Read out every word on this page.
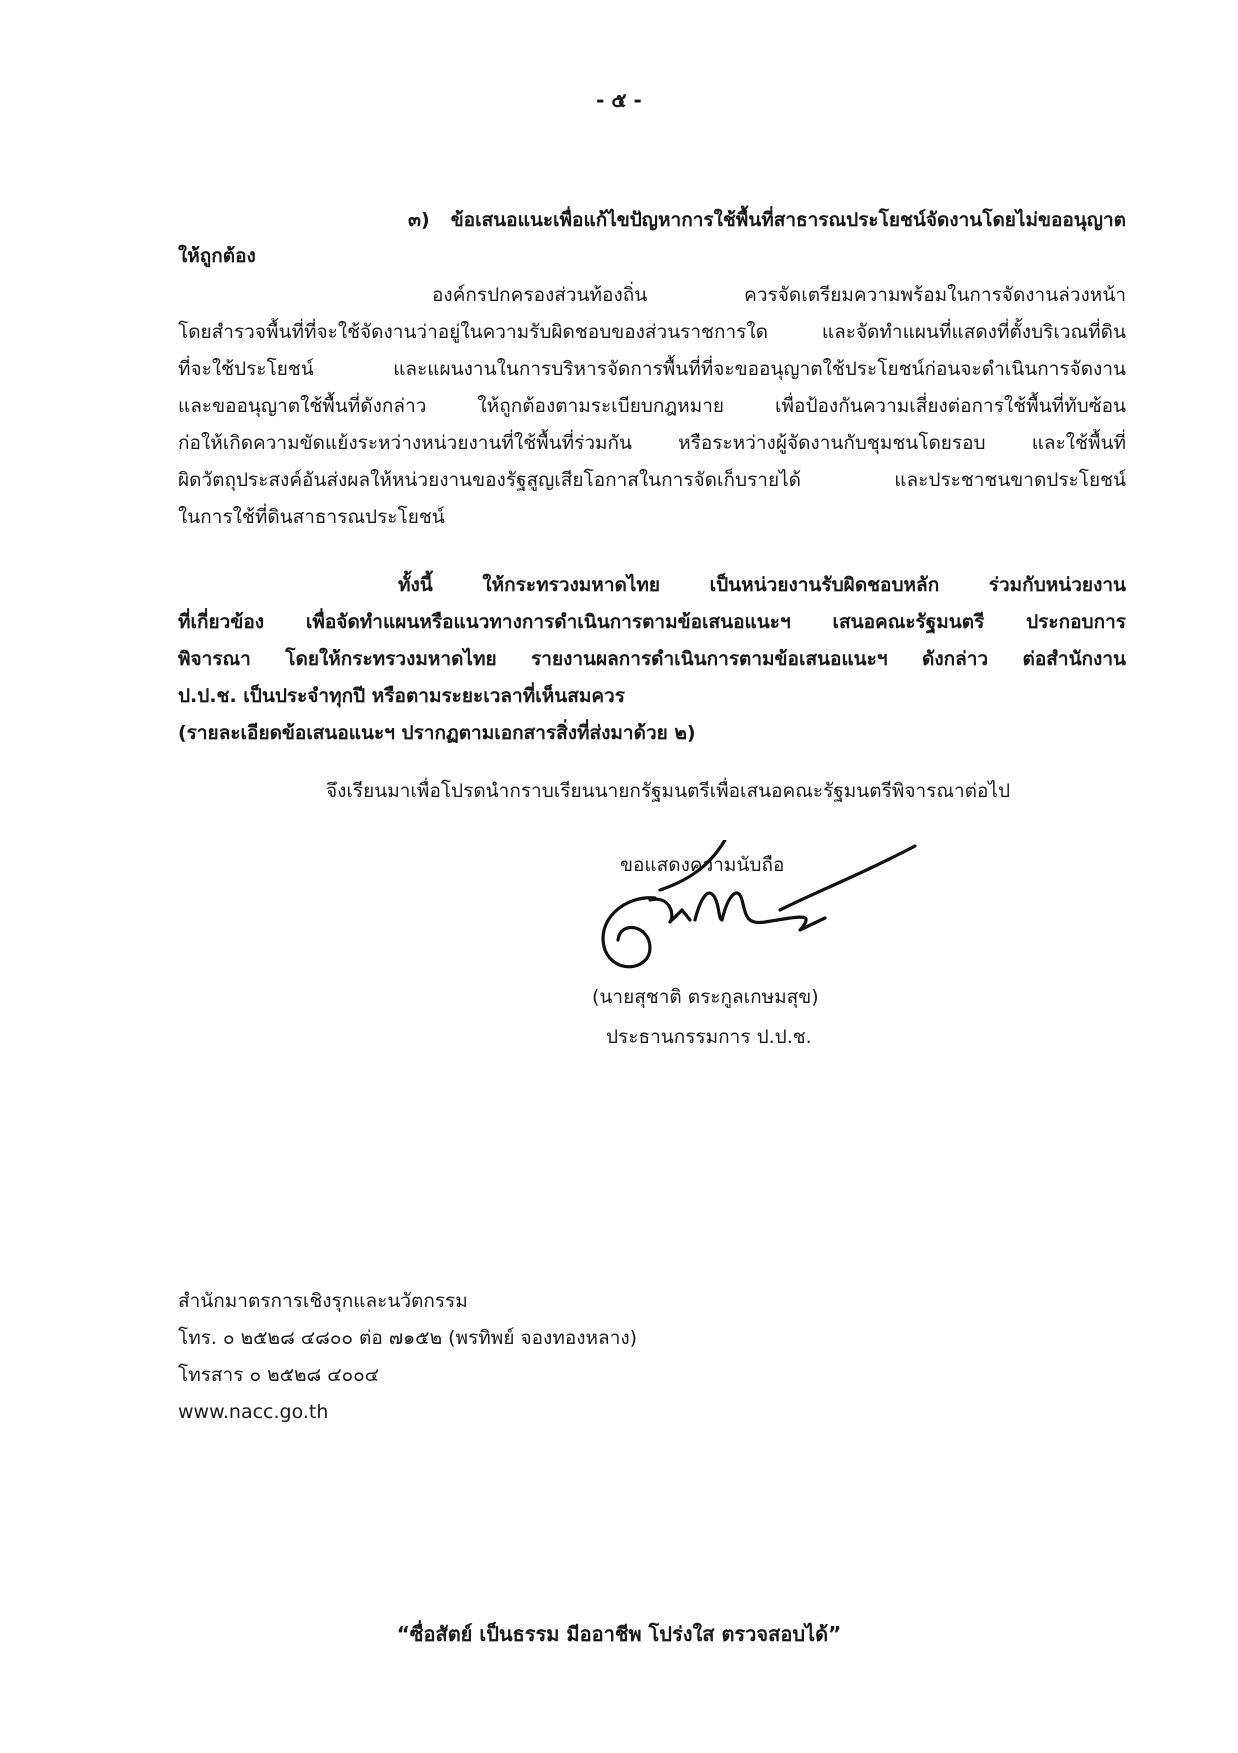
- ๕ -
๓) ข้อเสนอแนะเพื่อแก้ไขปัญหาการใช้พื้นที่สาธารณประโยชน์จัดงานโดยไม่ขออนุญาต
ให้ถูกต้อง
องค์กรปกครองส่วนท้องถิ่น ควรจัดเตรียมความพร้อมในการจัดงานล่วงหน้า
โดยสำรวจพื้นที่ที่จะใช้จัดงานว่าอยู่ในความรับผิดชอบของส่วนราชการใด และจัดทำแผนที่แสดงที่ตั้งบริเวณที่ดิน
ที่จะใช้ประโยชน์ และแผนงานในการบริหารจัดการพื้นที่ที่จะขออนุญาตใช้ประโยชน์ก่อนจะดำเนินการจัดงาน
และขออนุญาตใช้พื้นที่ดังกล่าว ให้ถูกต้องตามระเบียบกฎหมาย เพื่อป้องกันความเสี่ยงต่อการใช้พื้นที่ทับซ้อน
ก่อให้เกิดความขัดแย้งระหว่างหน่วยงานที่ใช้พื้นที่ร่วมกัน หรือระหว่างผู้จัดงานกับชุมชนโดยรอบ และใช้พื้นที่
ผิดวัตถุประสงค์อันส่งผลให้หน่วยงานของรัฐสูญเสียโอกาสในการจัดเก็บรายได้ และประชาชนขาดประโยชน์
ในการใช้ที่ดินสาธารณประโยชน์
ทั้งนี้ ให้กระทรวงมหาดไทย เป็นหน่วยงานรับผิดชอบหลัก ร่วมกับหน่วยงาน
ที่เกี่ยวข้อง เพื่อจัดทำแผนหรือแนวทางการดำเนินการตามข้อเสนอแนะฯ เสนอคณะรัฐมนตรี ประกอบการ
พิจารณา โดยให้กระทรวงมหาดไทย รายงานผลการดำเนินการตามข้อเสนอแนะฯ ดังกล่าว ต่อสำนักงาน
ป.ป.ช. เป็นประจำทุกปี หรือตามระยะเวลาที่เห็นสมควร
(รายละเอียดข้อเสนอแนะฯ ปรากฏตามเอกสารสิ่งที่ส่งมาด้วย ๒)
จึงเรียนมาเพื่อโปรดนำกราบเรียนนายกรัฐมนตรีเพื่อเสนอคณะรัฐมนตรีพิจารณาต่อไป
ขอแสดงความนับถือ
(นายสุชาติ ตระกูลเกษมสุข)
ประธานกรรมการ ป.ป.ช.
สำนักมาตรการเชิงรุกและนวัตกรรม
โทร. ๐ ๒๕๒๘ ๔๘๐๐ ต่อ ๗๑๕๒ (พรทิพย์ จองทองหลาง)
โทรสาร ๐ ๒๕๒๘ ๔๐๐๔
www.nacc.go.th
“ซื่อสัตย์ เป็นธรรม มีออาชีพ โปร่งใส ตรวจสอบได้”
